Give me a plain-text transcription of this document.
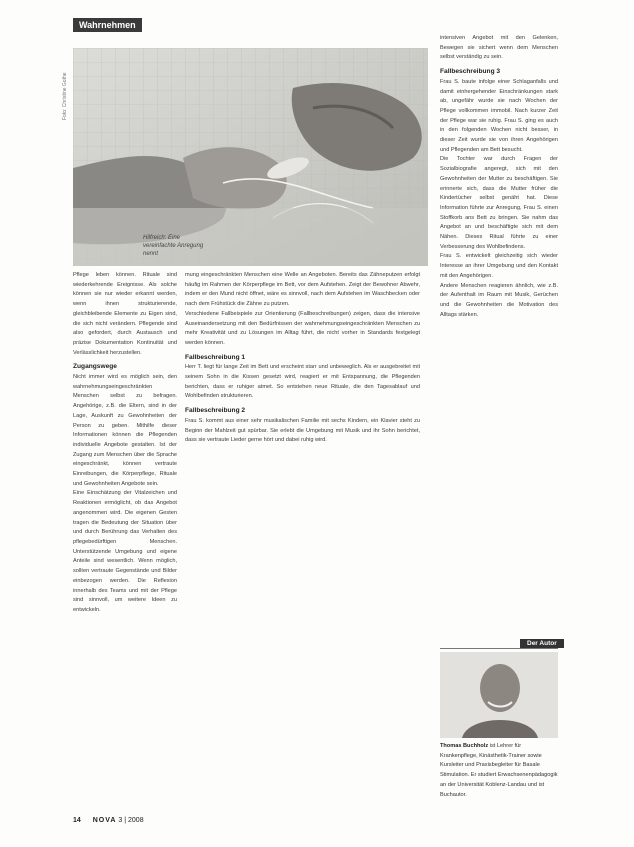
Wahrnehmen
Foto: Christine Gothe
Hilfreich: Eine vereinfachte Anregung nennt

Pflege leben können. Rituale sind wiederkehrende Ereignisse. Als solche können sie nur wieder erkannt werden, wenn ihnen strukturierende, gleichbleibende Elemente zu Eigen sind, die sich nicht verändern. Pflegende sind also gefordert, durch Austausch und präzise Dokumentation Kontinuität und Verlässlichkeit herzustellen.

Zugangswege

Nicht immer wird es möglich sein, den wahrnehmungseingeschränkten Menschen selbst zu befragen. Angehörige, z.B. die Eltern, sind in der Lage, Auskunft zu Gewohnheiten der Person zu geben. Mithilfe dieser Informationen können die Pflegenden individuelle Angebote gestalten. Ist der Zugang zum Menschen über die Sprache eingeschränkt, können vertraute Einreibungen, die Körperpflege, Rituale und Gewohnheiten Angebote sein.

Eine Einschätzung der Vitalzeichen und Reaktionen ermöglicht, ob das Angebot angenommen wird. Die eigenen Gesten tragen die Bedeutung der Situation über und durch Berührung das Verhalten des pflegebedürftigen Menschen. Unterstützende Umgebung und eigene Anteile sind wesentlich. Wenn möglich, sollten vertraute Gegenstände und Bilder einbezogen werden. Die Reflexion innerhalb des Teams und mit der Pflege sind sinnvoll, um weitere Ideen zu entwickeln.

mung eingeschränkten Menschen eine Welle an Angeboten. Bereits das Zähneputzen erfolgt häufig im Rahmen der Körperpflege im Bett, vor dem Aufstehen. Zeigt der Bewohner Abwehr, indem er den Mund nicht öffnet, wäre es sinnvoll, nach dem Aufstehen im Waschbecken oder nach dem Frühstück die Zähne zu putzen.

Verschiedene Fallbeispiele zur Orientierung (Fallbeschreibungen) zeigen, dass die intensive Auseinandersetzung mit den Bedürfnissen der wahrnehmungseingeschränkten Menschen zu mehr Kreativität und zu Lösungen im Alltag führt, die nicht vorher in Standards festgelegt werden können.

Fallbeschreibung 1

Herr T. liegt für lange Zeit im Bett und erscheint starr und unbeweglich. Als er ausgebreitet mit seinem Sohn in die Kissen gesetzt wird, reagiert er mit Entspannung, die Pflegenden berichten, dass er ruhiger atmet. So entstehen neue Rituale, die den Tagesablauf und Wohlbefinden strukturieren.

Fallbeschreibung 2

Frau S. kommt aus einer sehr musikalischen Familie mit sechs Kindern, ein Klavier steht zu Beginn der Mahlzeit gut spürbar. Sie erlebt die Umgebung mit Musik und ihr Sohn berichtet, dass sie vertraute Lieder gerne hört und dabei ruhig wird.

intensiven Angebot mit den Gelenken, Bewegen sie sichert wenn dem Menschen selbst verständig zu sein.

Fallbeschreibung 3

Frau S. baute infolge einer Schlaganfalls und damit einhergehender Einschränkungen stark ab, ungefähr wurde sie nach Wochen der Pflege vollkommen immobil. Nach kurzer Zeit der Pflege war sie ruhig. Frau S. ging es auch in den folgenden Wochen nicht besser, in dieser Zeit wurde sie von ihren Angehörigen und Pflegenden am Bett besucht.

Die Tochter war durch Fragen der Sozialbiografie angeregt, sich mit den Gewohnheiten der Mutter zu beschäftigen. Sie erinnerte sich, dass die Mutter früher die Kindertücher selbst genäht hat. Diese Information führte zur Anregung, Frau S. einen Stoffkorb ans Bett zu bringen. Sie nahm das Angebot an und beschäftigte sich mit dem Nähen. Dieses Ritual führte zu einer Verbesserung des Wohlbefindens.

Frau S. entwickelt gleichzeitig sich wieder Interesse an ihrer Umgebung und den Kontakt mit den Angehörigen.

Andere Menschen reagieren ähnlich, wie z.B. der Aufenthalt im Raum mit Musik, Gerüchen und die Gewohnheiten die Motivation des Alltags stärken.

Der Autor
Thomas Buchholz ist Lehrer für Krankenpflege, Kinästhetik-Trainer sowie Kursleiter und Praxisbegleiter für Basale Stimulation. Er studiert Erwachsenenpädagogik an der Universität Koblenz-Landau und ist Buchautor.
14 NOVA 3 | 2008
